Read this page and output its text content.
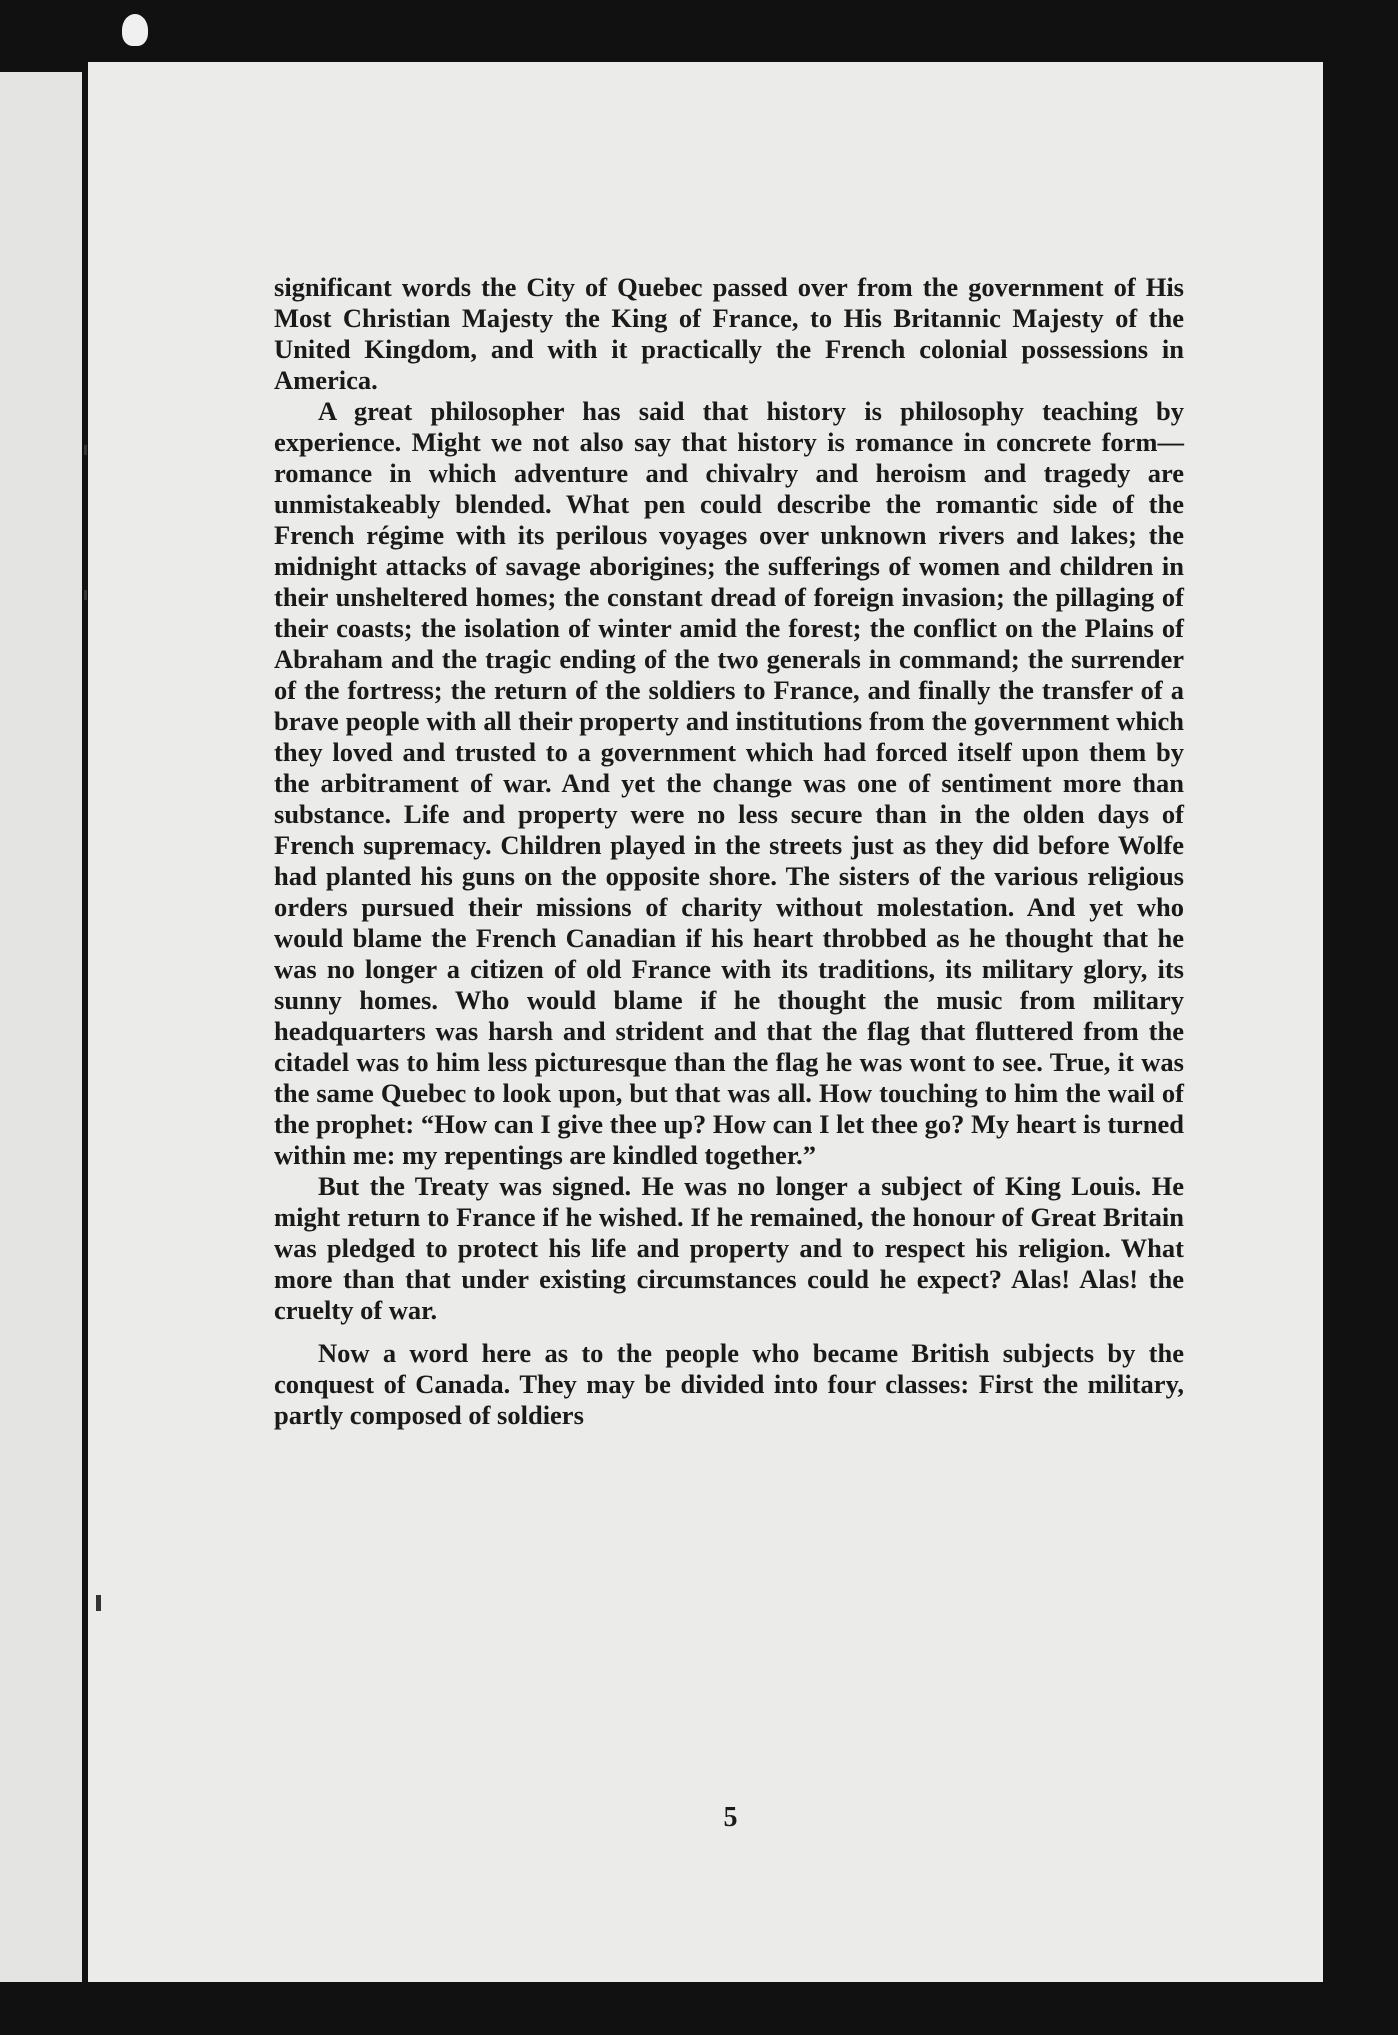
significant words the City of Quebec passed over from the government of His Most Christian Majesty the King of France, to His Britannic Majesty of the United Kingdom, and with it practically the French colonial possessions in America.

A great philosopher has said that history is philosophy teaching by experience. Might we not also say that history is romance in concrete form—romance in which adventure and chivalry and heroism and tragedy are unmistakeably blended. What pen could describe the romantic side of the French régime with its perilous voyages over unknown rivers and lakes; the midnight attacks of savage aborigines; the sufferings of women and children in their unsheltered homes; the constant dread of foreign invasion; the pillaging of their coasts; the isolation of winter amid the forest; the conflict on the Plains of Abraham and the tragic ending of the two generals in command; the surrender of the fortress; the return of the soldiers to France, and finally the transfer of a brave people with all their property and institutions from the government which they loved and trusted to a government which had forced itself upon them by the arbitrament of war. And yet the change was one of sentiment more than substance. Life and property were no less secure than in the olden days of French supremacy. Children played in the streets just as they did before Wolfe had planted his guns on the opposite shore. The sisters of the various religious orders pursued their missions of charity without molestation. And yet who would blame the French Canadian if his heart throbbed as he thought that he was no longer a citizen of old France with its traditions, its military glory, its sunny homes. Who would blame if he thought the music from military headquarters was harsh and strident and that the flag that fluttered from the citadel was to him less picturesque than the flag he was wont to see. True, it was the same Quebec to look upon, but that was all. How touching to him the wail of the prophet: “How can I give thee up? How can I let thee go? My heart is turned within me: my repentings are kindled together.”

But the Treaty was signed. He was no longer a subject of King Louis. He might return to France if he wished. If he remained, the honour of Great Britain was pledged to protect his life and property and to respect his religion. What more than that under existing circumstances could he expect? Alas! Alas! the cruelty of war.

Now a word here as to the people who became British subjects by the conquest of Canada. They may be divided into four classes: First the military, partly composed of soldiers

5
